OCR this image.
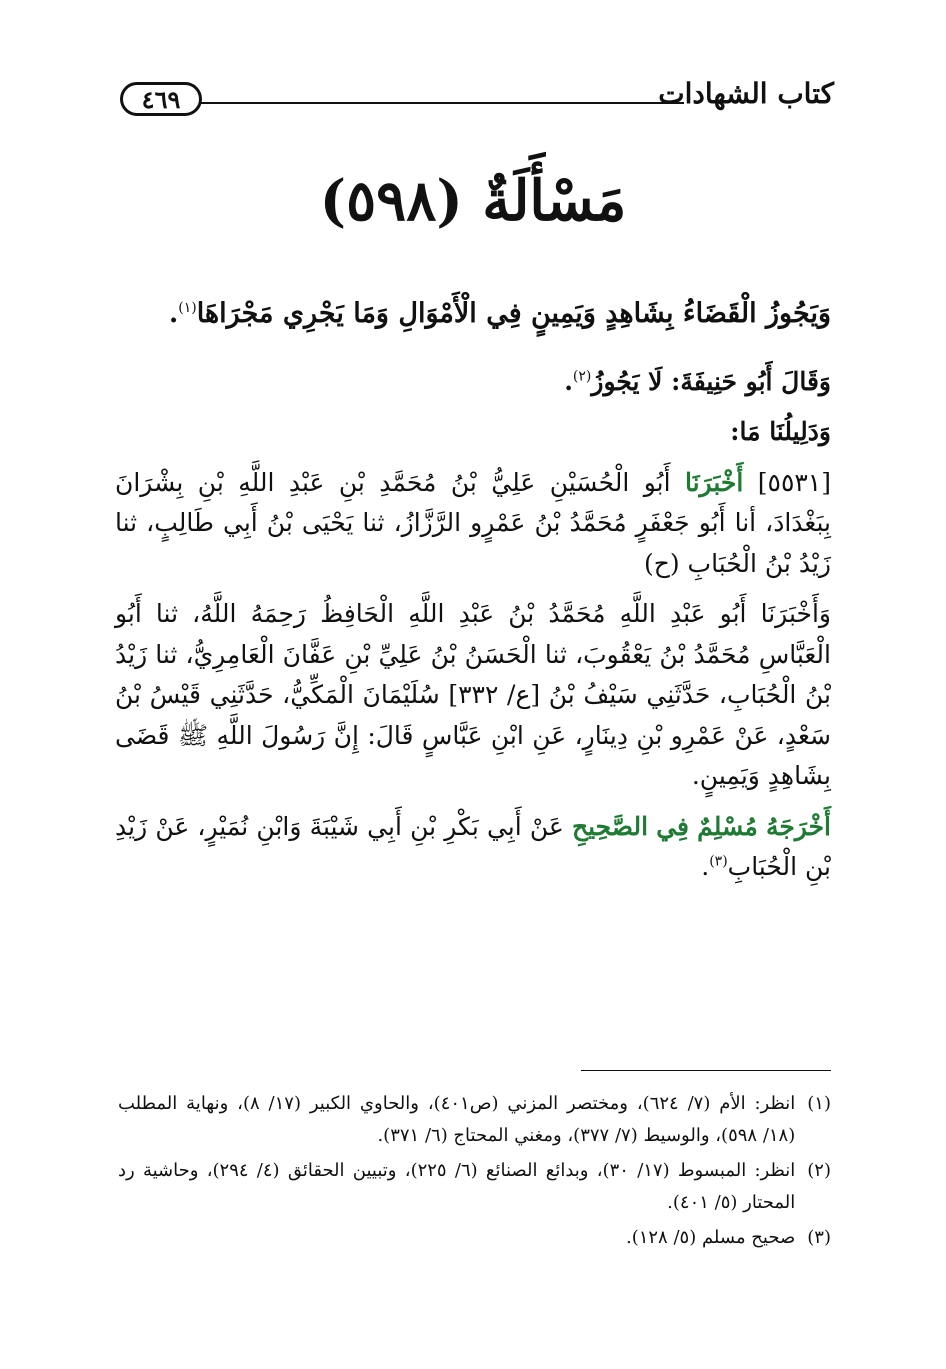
كتاب الشهادات
٤٦٩
مَسْأَلَةٌ (٥٩٨)

وَيَجُوزُ الْقَضَاءُ بِشَاهِدٍ وَيَمِينٍ فِي الْأَمْوَالِ وَمَا يَجْرِي مَجْرَاهَا$^{(١)}$.

وَقَالَ أَبُو حَنِيفَةَ: لَا يَجُوزُ$^{(٢)}$.

وَدَلِيلُنَا مَا:

[٥٥٣١] أَخْبَرَنَا أَبُو الْحُسَيْنِ عَلِيُّ بْنُ مُحَمَّدِ بْنِ عَبْدِ اللَّهِ بْنِ بِشْرَانَ بِبَغْدَادَ، أنا أَبُو جَعْفَرٍ مُحَمَّدُ بْنُ عَمْرٍو الرَّزَّازُ، ثنا يَحْيَى بْنُ أَبِي طَالِبٍ، ثنا زَيْدُ بْنُ الْحُبَابِ (ح)

وَأَخْبَرَنَا أَبُو عَبْدِ اللَّهِ مُحَمَّدُ بْنُ عَبْدِ اللَّهِ الْحَافِظُ رَحِمَهُ اللَّهُ، ثنا أَبُو الْعَبَّاسِ مُحَمَّدُ بْنُ يَعْقُوبَ، ثنا الْحَسَنُ بْنُ عَلِيِّ بْنِ عَفَّانَ الْعَامِرِيُّ، ثنا زَيْدُ بْنُ الْحُبَابِ، حَدَّثَنِي سَيْفُ بْنُ [ع/ ٣٣٢] سُلَيْمَانَ الْمَكِّيُّ، حَدَّثَنِي قَيْسُ بْنُ سَعْدٍ، عَنْ عَمْرِو بْنِ دِينَارٍ، عَنِ ابْنِ عَبَّاسٍ قَالَ: إِنَّ رَسُولَ اللَّهِ ﷺ قَضَى بِشَاهِدٍ وَيَمِينٍ.

أَخْرَجَهُ مُسْلِمٌ فِي الصَّحِيحِ عَنْ أَبِي بَكْرِ بْنِ أَبِي شَيْبَةَ وَابْنِ نُمَيْرٍ، عَنْ زَيْدِ بْنِ الْحُبَابِ$^{(٣)}$.

(١)
انظر: الأم (٧/ ٦٢٤)، ومختصر المزني (ص٤٠١)، والحاوي الكبير (١٧/ ٨)، ونهاية المطلب (١٨/ ٥٩٨)، والوسيط (٧/ ٣٧٧)، ومغني المحتاج (٦/ ٣٧١).
(٢)
انظر: المبسوط (١٧/ ٣٠)، وبدائع الصنائع (٦/ ٢٢٥)، وتبيين الحقائق (٤/ ٢٩٤)، وحاشية رد المحتار (٥/ ٤٠١).
(٣)
صحيح مسلم (٥/ ١٢٨).
